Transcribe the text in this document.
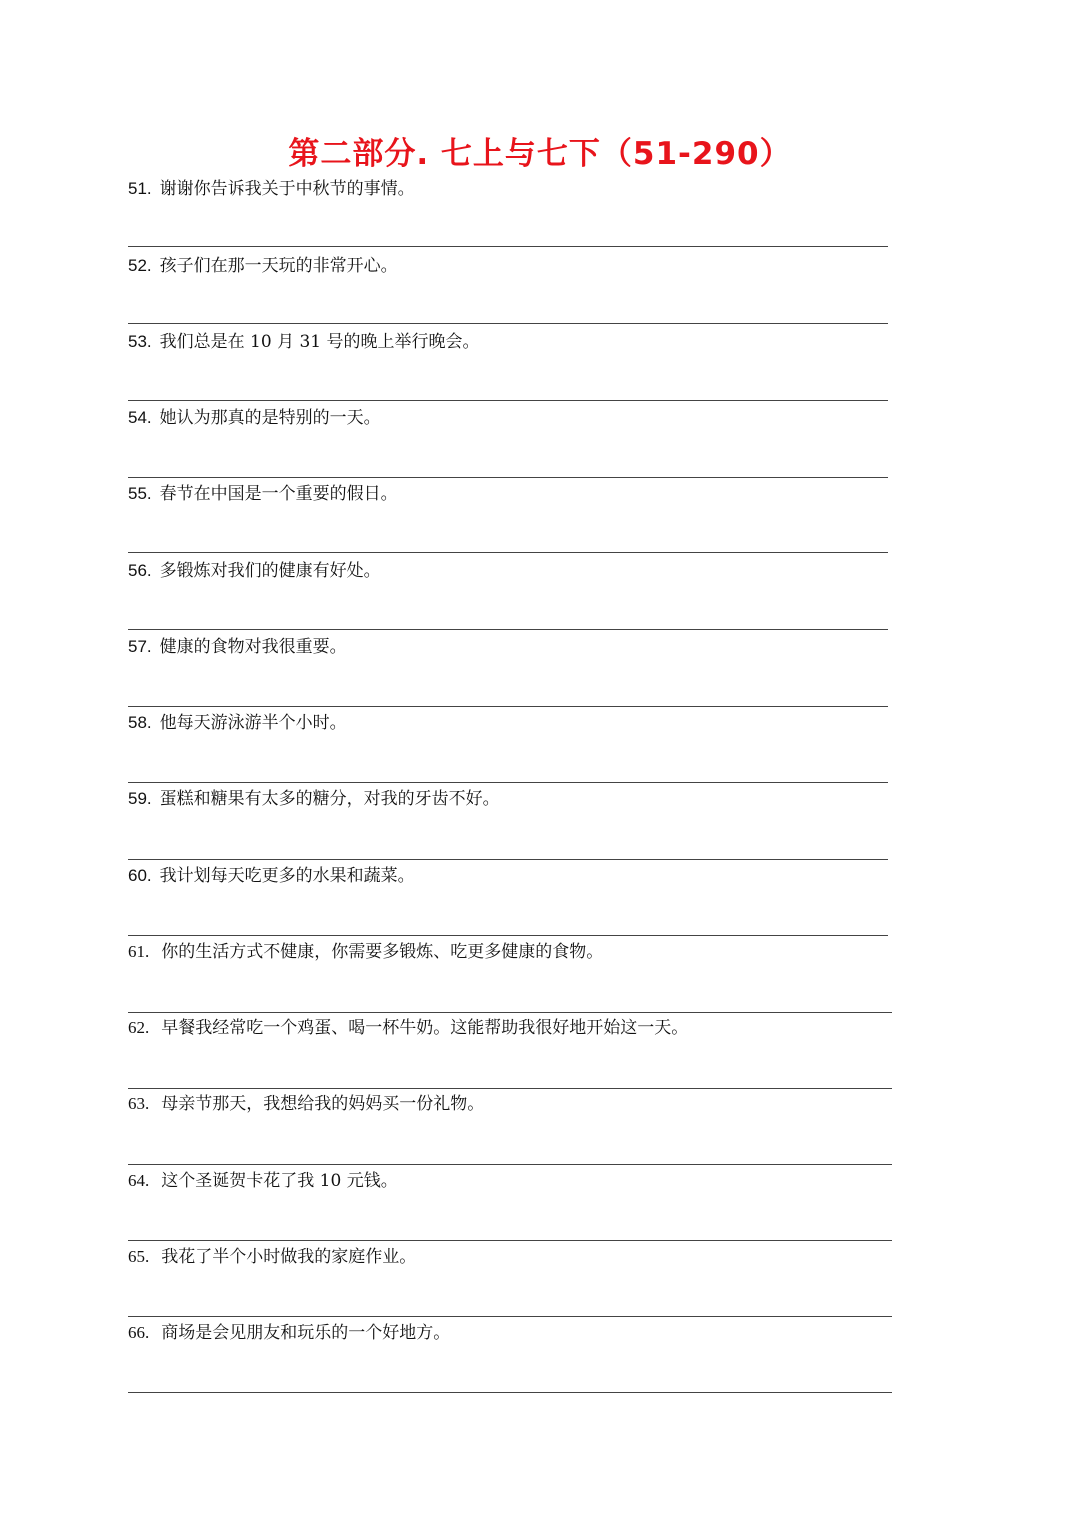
第二部分. 七上与七下（51-290）
51. 谢谢你告诉我关于中秋节的事情。
52. 孩子们在那一天玩的非常开心。
53. 我们总是在 10 月 31 号的晚上举行晚会。
54. 她认为那真的是特别的一天。
55. 春节在中国是一个重要的假日。
56. 多锻炼对我们的健康有好处。
57. 健康的食物对我很重要。
58. 他每天游泳游半个小时。
59. 蛋糕和糖果有太多的糖分，对我的牙齿不好。
60. 我计划每天吃更多的水果和蔬菜。
61. 你的生活方式不健康，你需要多锻炼、吃更多健康的食物。
62. 早餐我经常吃一个鸡蛋、喝一杯牛奶。这能帮助我很好地开始这一天。
63. 母亲节那天，我想给我的妈妈买一份礼物。
64. 这个圣诞贺卡花了我 10 元钱。
65. 我花了半个小时做我的家庭作业。
66. 商场是会见朋友和玩乐的一个好地方。
